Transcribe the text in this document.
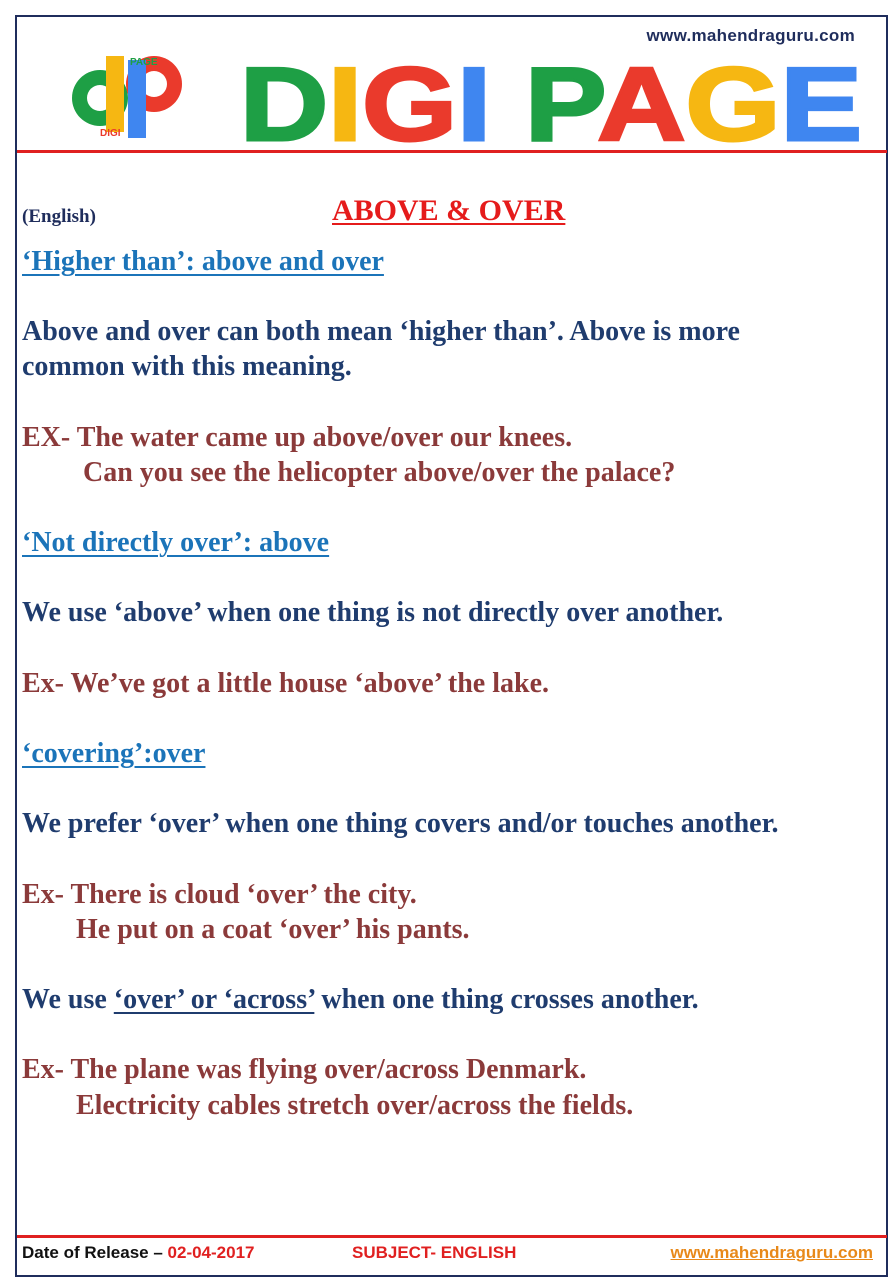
www.mahendraguru.com
PAGE
DIGI D IG I P A G E
(English)	ABOVE & OVER
‘Higher than’: above and over
Above and over can both mean ‘higher than’. Above is more
common with this meaning.
EX- The water came up above/over our knees.
Can you see the helicopter above/over the palace?
‘Not directly over’: above
We use ‘above’ when one thing is not directly over another.
Ex- We’ve got a little house ‘above’ the lake.
‘covering’:over
We prefer ‘over’ when one thing covers and/or touches another.
Ex- There is cloud ‘over’ the city.
He put on a coat ‘over’ his pants.
We use ‘over’ or ‘across’ when one thing crosses another.
Ex- The plane was flying over/across Denmark.
Electricity cables stretch over/across the fields.
Date of Release – 02-04-2017	SUBJECT- ENGLISH	www.mahendraguru.com
